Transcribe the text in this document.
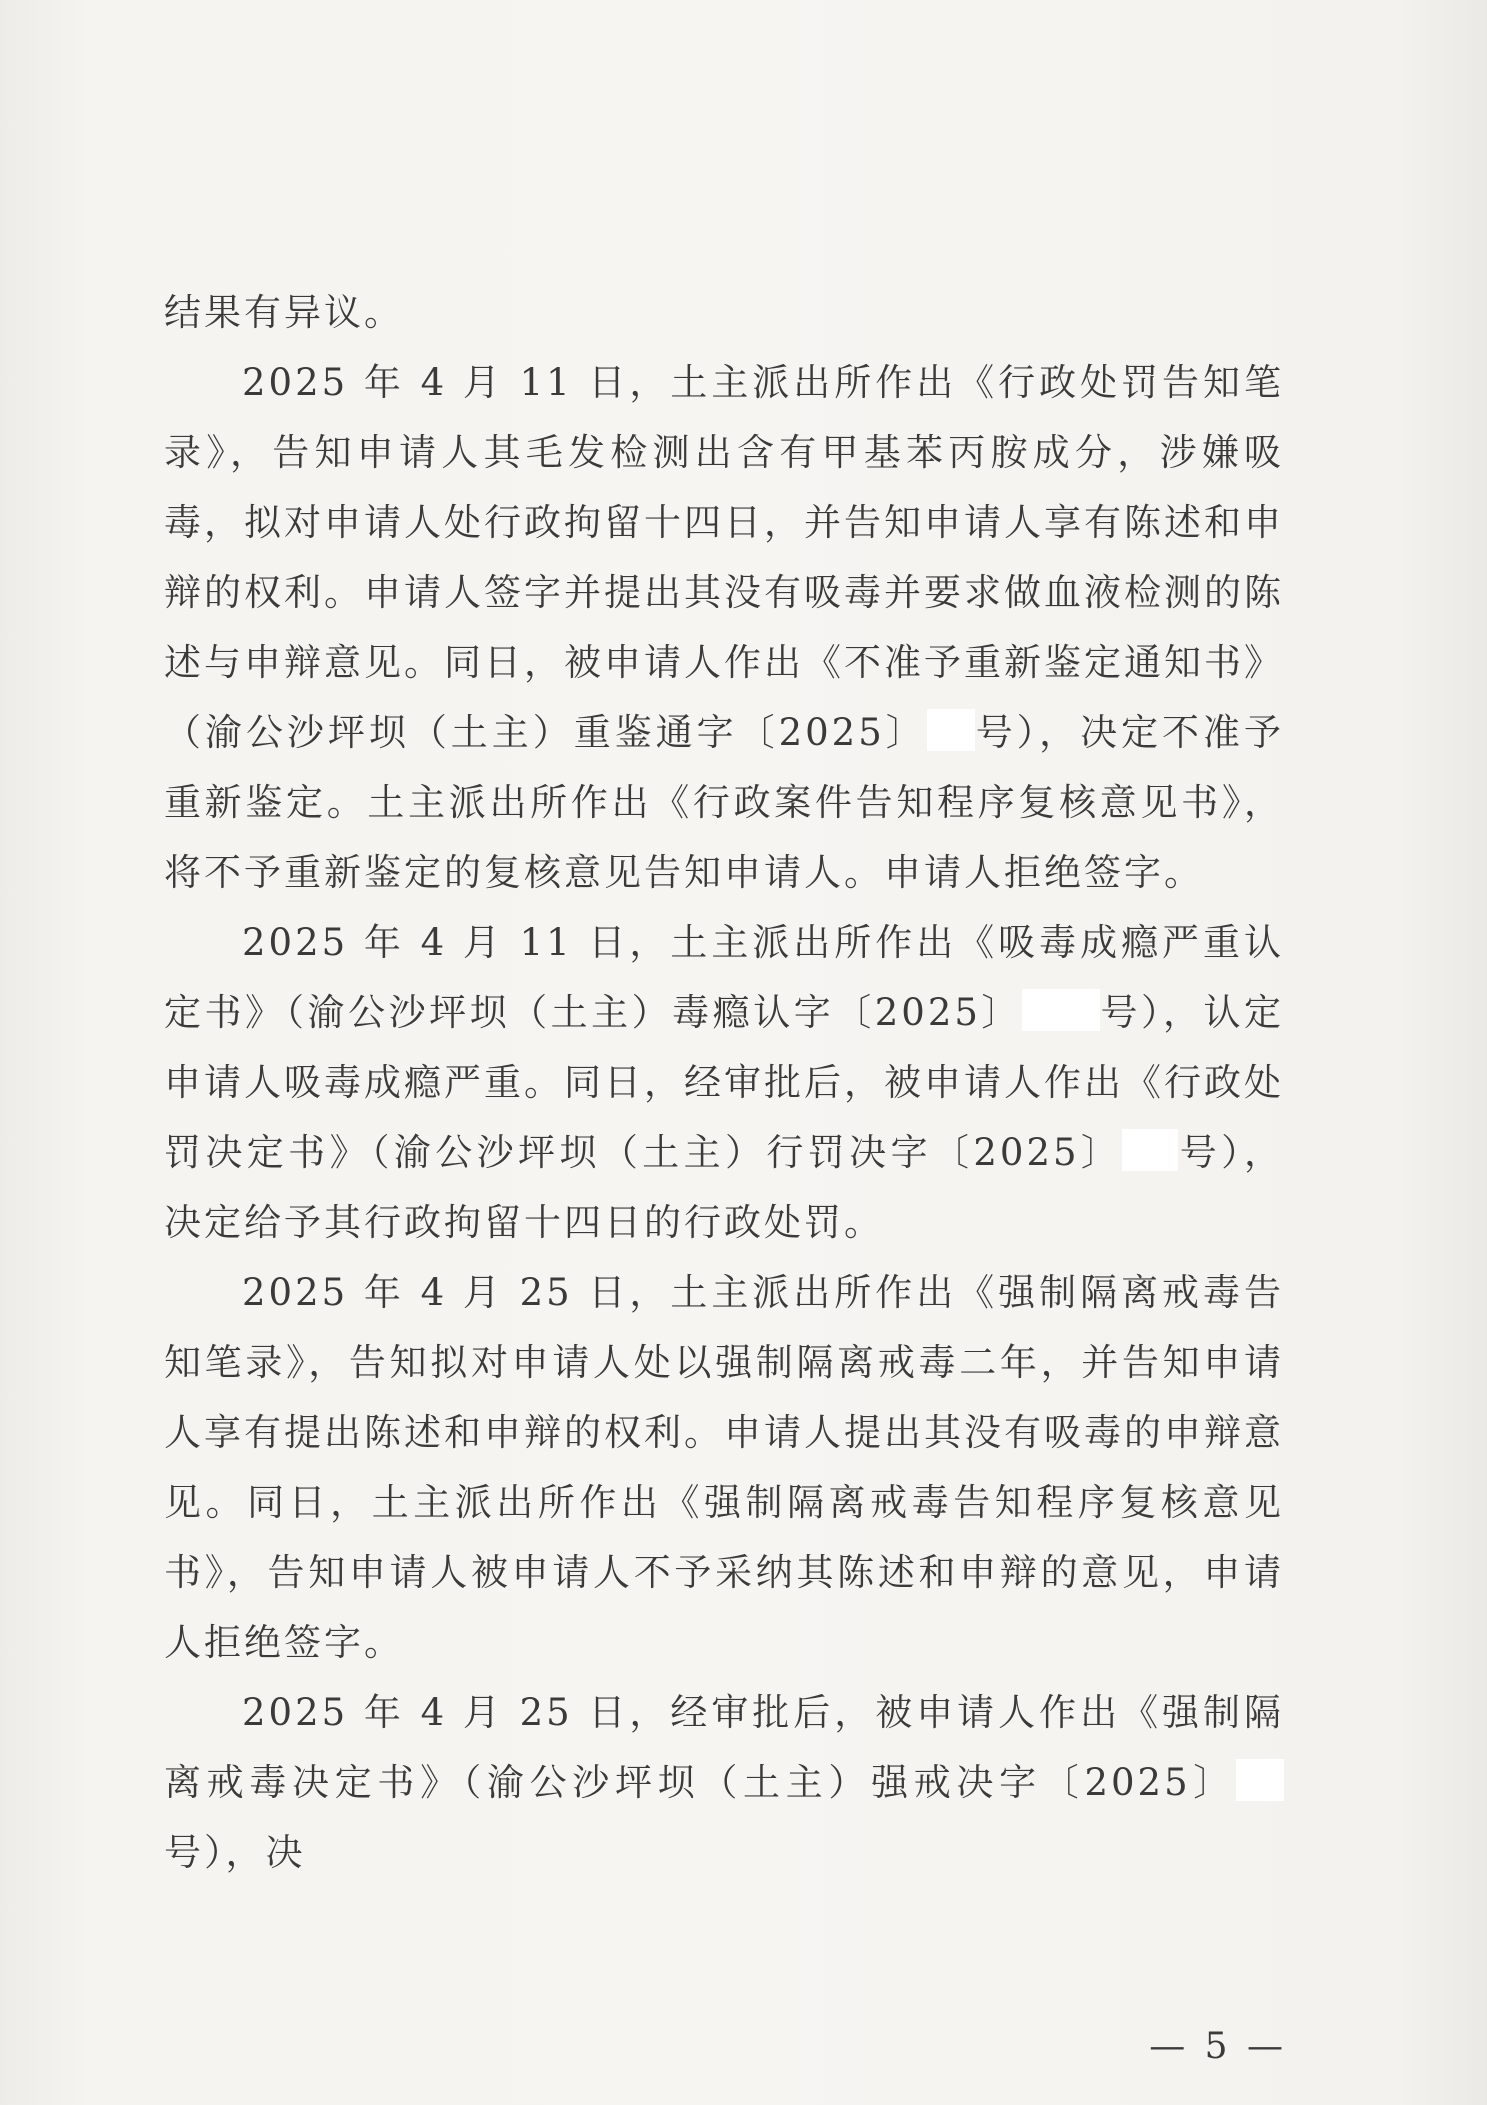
结果有异议。

2025 年 4 月 11 日，土主派出所作出《行政处罚告知笔录》，告知申请人其毛发检测出含有甲基苯丙胺成分，涉嫌吸毒，拟对申请人处行政拘留十四日，并告知申请人享有陈述和申辩的权利。申请人签字并提出其没有吸毒并要求做血液检测的陈述与申辩意见。同日，被申请人作出《不准予重新鉴定通知书》（渝公沙坪坝（土主）重鉴通字〔2025〕 号），决定不准予重新鉴定。土主派出所作出《行政案件告知程序复核意见书》，将不予重新鉴定的复核意见告知申请人。申请人拒绝签字。

2025 年 4 月 11 日，土主派出所作出《吸毒成瘾严重认定书》（渝公沙坪坝（土主）毒瘾认字〔2025〕 号），认定申请人吸毒成瘾严重。同日，经审批后，被申请人作出《行政处罚决定书》（渝公沙坪坝（土主）行罚决字〔2025〕 号），决定给予其行政拘留十四日的行政处罚。

2025 年 4 月 25 日，土主派出所作出《强制隔离戒毒告知笔录》，告知拟对申请人处以强制隔离戒毒二年，并告知申请人享有提出陈述和申辩的权利。申请人提出其没有吸毒的申辩意见。同日，土主派出所作出《强制隔离戒毒告知程序复核意见书》，告知申请人被申请人不予采纳其陈述和申辩的意见，申请人拒绝签字。

2025 年 4 月 25 日，经审批后，被申请人作出《强制隔离戒毒决定书》（渝公沙坪坝（土主）强戒决字〔2025〕号），决

— 5 —
